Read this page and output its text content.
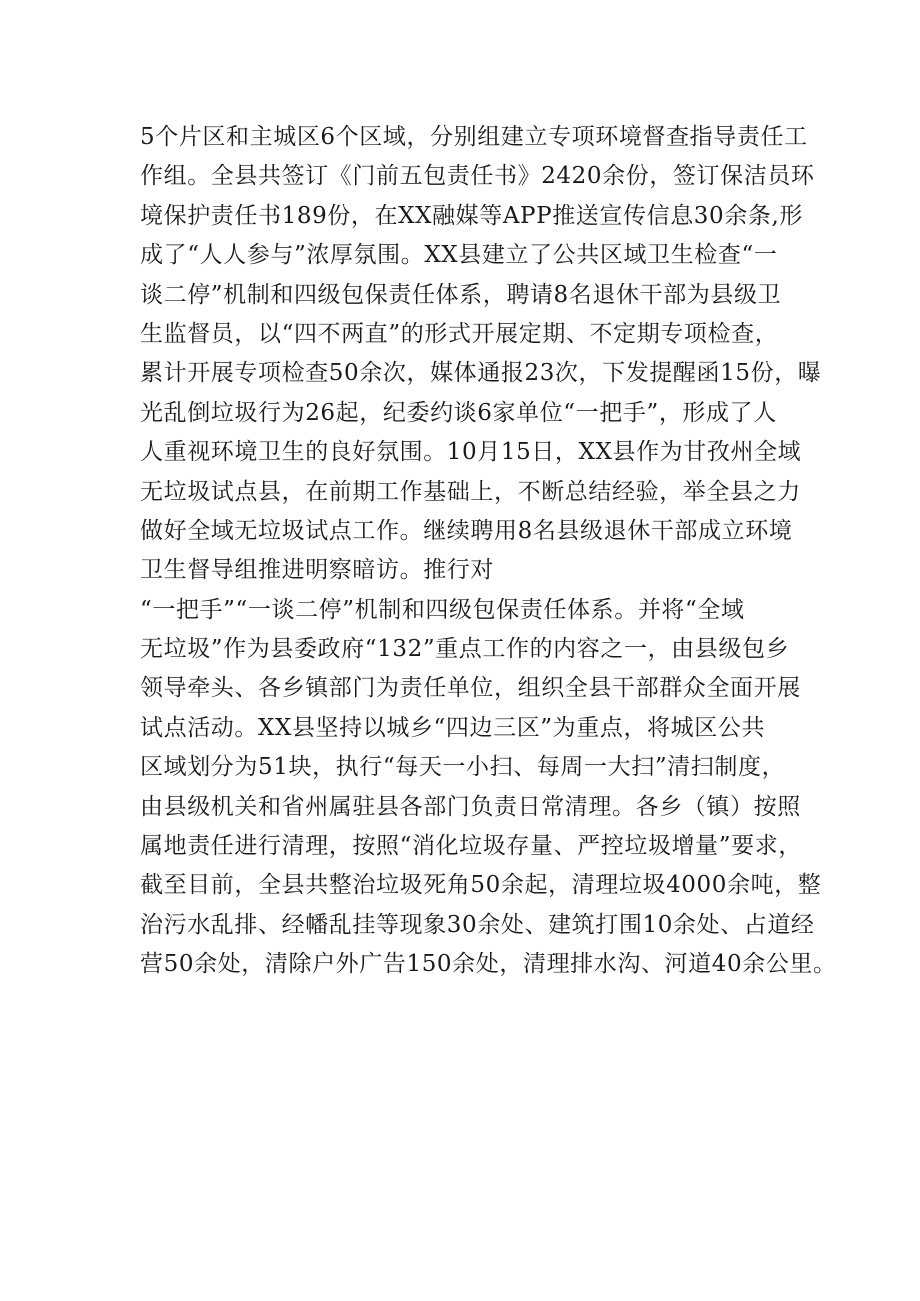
5个片区和主城区6个区域，分别组建立专项环境督查指导责任工
作组。全县共签订《门前五包责任书》2420余份，签订保洁员环
境保护责任书189份，在XX融媒等APP推送宣传信息30余条,形
成了“人人参与”浓厚氛围。XX县建立了公共区域卫生检查“一
谈二停”机制和四级包保责任体系，聘请8名退休干部为县级卫
生监督员，以“四不两直”的形式开展定期、不定期专项检查，
累计开展专项检查50余次，媒体通报23次，下发提醒函15份，曝
光乱倒垃圾行为26起，纪委约谈6家单位“一把手”，形成了人
人重视环境卫生的良好氛围。10月15日，XX县作为甘孜州全域
无垃圾试点县，在前期工作基础上，不断总结经验，举全县之力
做好全域无垃圾试点工作。继续聘用8名县级退休干部成立环境
卫生督导组推进明察暗访。推行对
“一把手”“一谈二停”机制和四级包保责任体系。并将“全域
无垃圾”作为县委政府“132”重点工作的内容之一，由县级包乡
领导牵头、各乡镇部门为责任单位，组织全县干部群众全面开展
试点活动。XX县坚持以城乡“四边三区”为重点，将城区公共
区域划分为51块，执行“每天一小扫、每周一大扫”清扫制度，
由县级机关和省州属驻县各部门负责日常清理。各乡（镇）按照
属地责任进行清理，按照“消化垃圾存量、严控垃圾增量”要求，
截至目前，全县共整治垃圾死角50余起，清理垃圾4000余吨，整
治污水乱排、经幡乱挂等现象30余处、建筑打围10余处、占道经
营50余处，清除户外广告150余处，清理排水沟、河道40余公里。
